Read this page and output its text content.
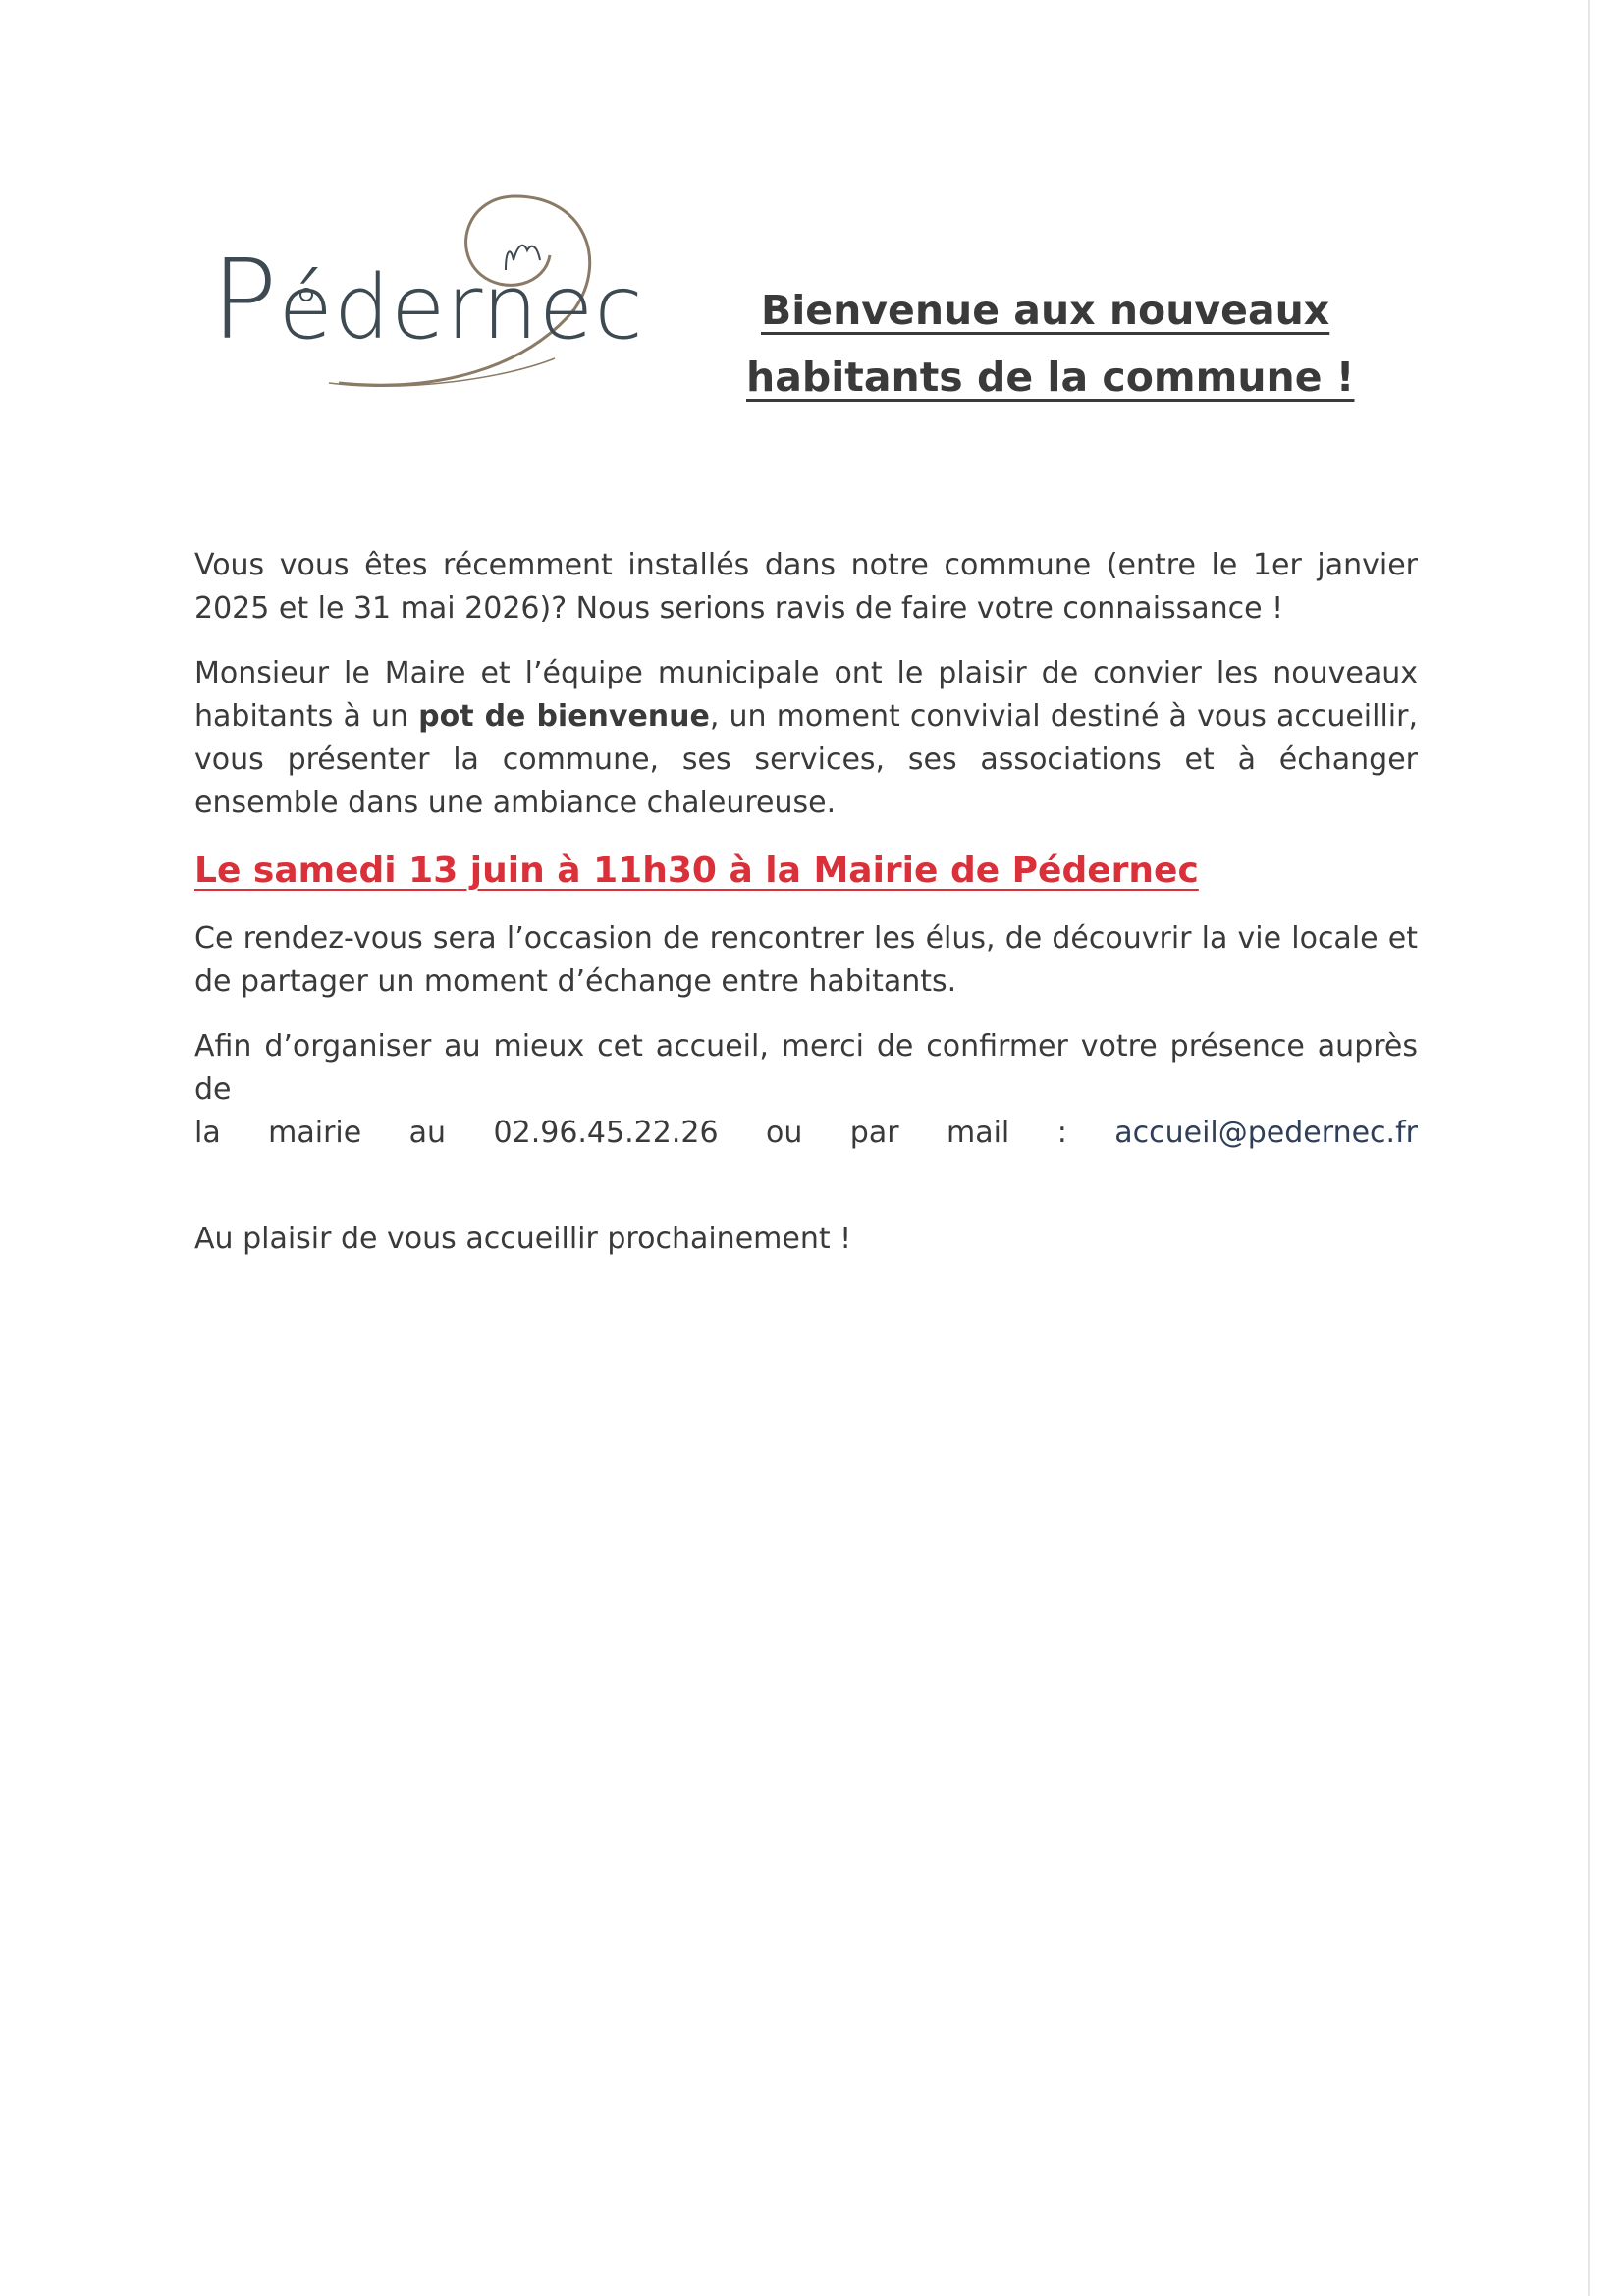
Pédernec	Bienvenue aux nouveaux
habitants de la commune !

Vous vous êtes récemment installés dans notre commune (entre le 1er janvier 2025 et le 31 mai 2026)? Nous serions ravis de faire votre connaissance !

Monsieur le Maire et l’équipe municipale ont le plaisir de convier les nouveaux habitants à un pot de bienvenue, un moment convivial destiné à vous accueillir, vous présenter la commune, ses services, ses associations et à échanger ensemble dans une ambiance chaleureuse.

Le samedi 13 juin à 11h30 à la Mairie de Pédernec

Ce rendez-vous sera l’occasion de rencontrer les élus, de découvrir la vie locale et de partager un moment d’échange entre habitants.

Afin d’organiser au mieux cet accueil, merci de confirmer votre présence auprès de

la mairie au 02.96.45.22.26 ou par mail : accueil@pedernec.fr

Au plaisir de vous accueillir prochainement !
